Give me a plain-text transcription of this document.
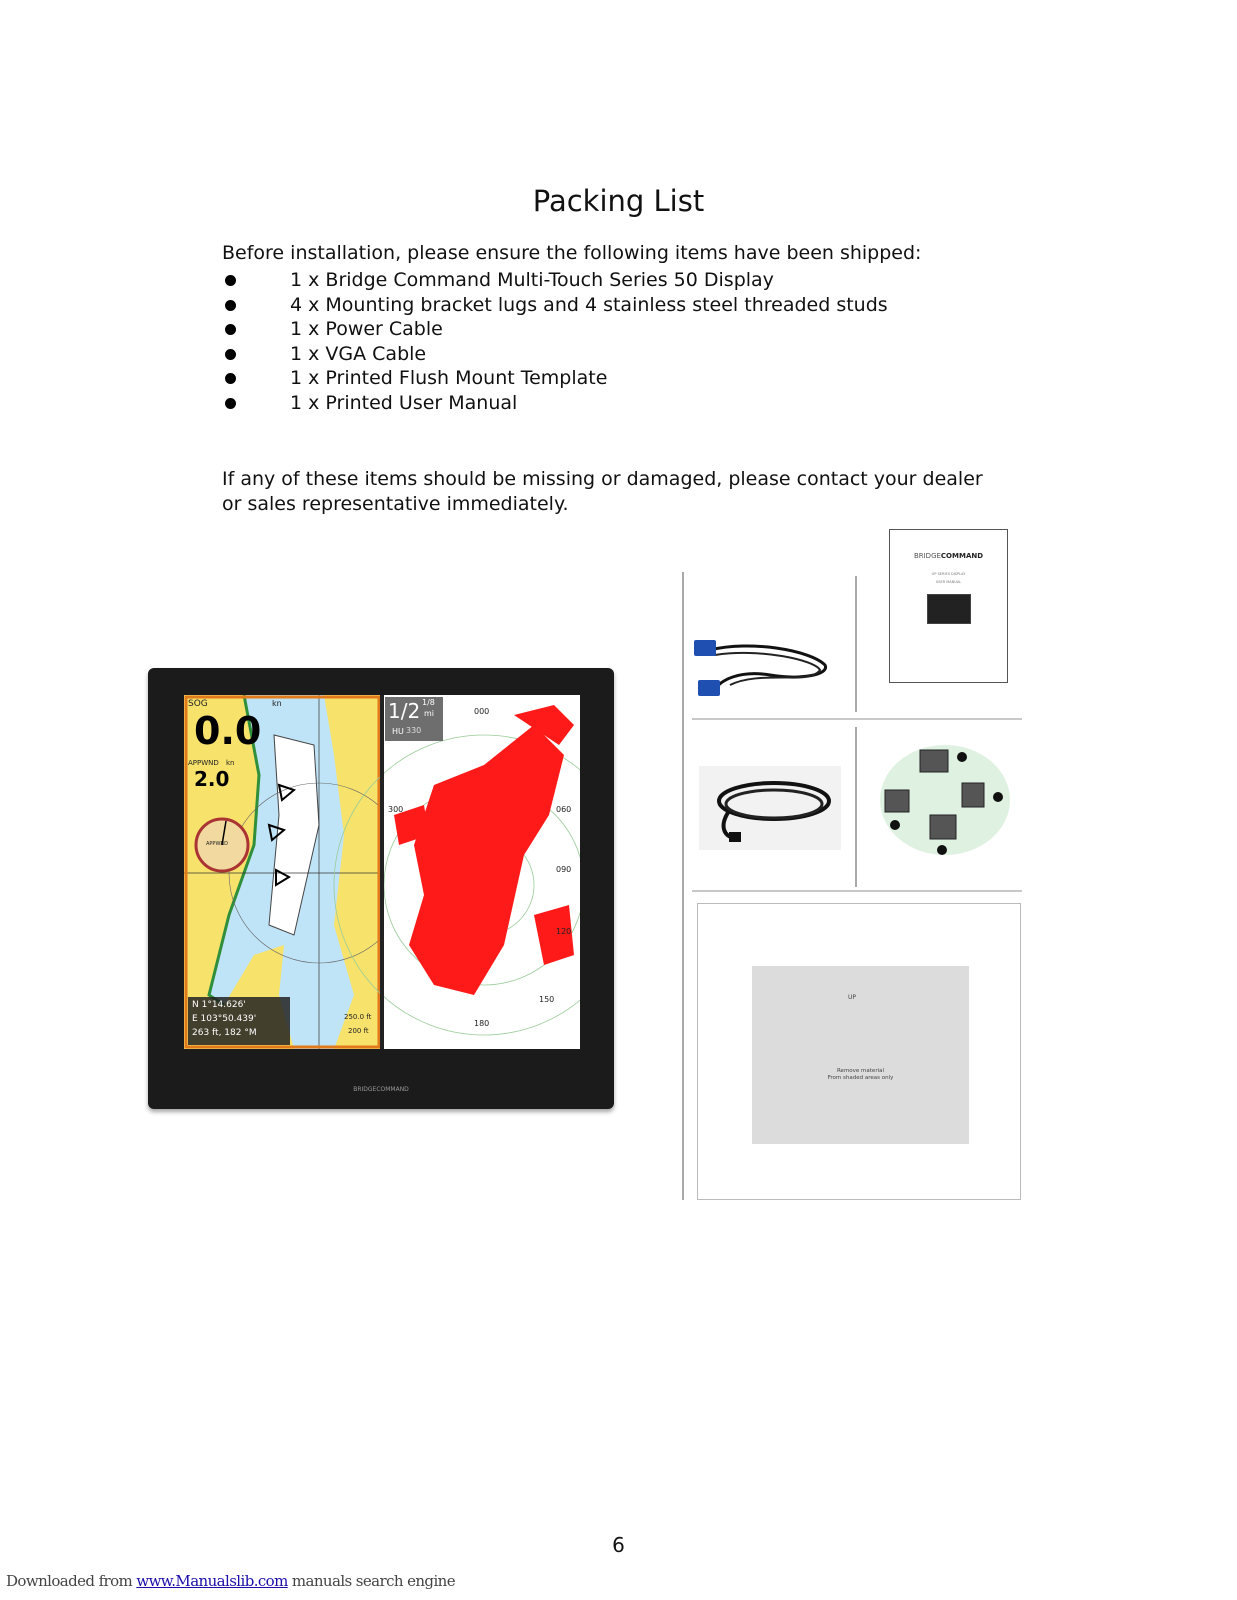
Packing List
Before installation, please ensure the following items have been shipped:
1 x Bridge Command Multi-Touch Series 50 Display
4 x Mounting bracket lugs and 4 stainless steel threaded studs
1 x Power Cable
1 x VGA Cable
1 x Printed Flush Mount Template
1 x Printed User Manual
If any of these items should be missing or damaged, please contact your dealer or sales representative immediately.
SOG	kn
0.0
APPWND kn
2.0
APPWND
N 1°14.626'
E 103°50.439'
263 ft, 182 °M
250.0 ft
200 ft
1/2 1/8
mi
HU 330
000
060
090
120
150
180
300
BRIDGECOMMAND
BRIDGECOMMAND
OP SERIES DISPLAY
USER MANUAL
UP
Remove material
From shaded areas only
6
Downloaded from www.Manualslib.com manuals search engine
